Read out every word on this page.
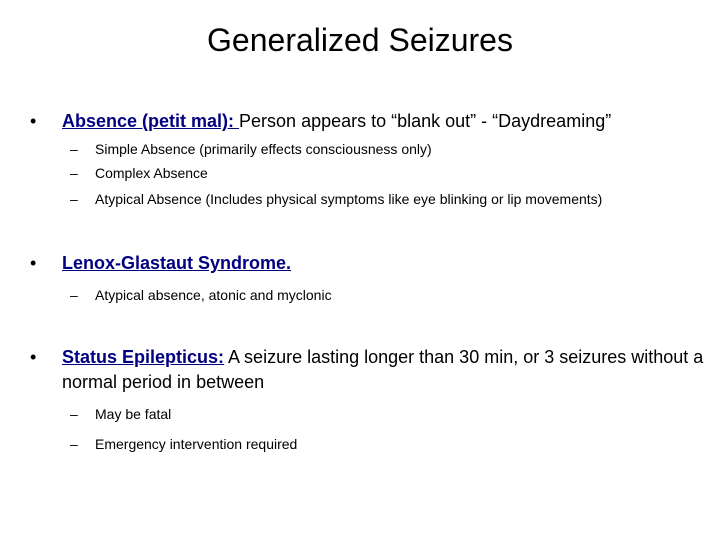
Generalized Seizures
•	Absence (petit mal): Person appears to “blank out” - “Daydreaming”
–	Simple Absence (primarily effects consciousness only)
–	Complex Absence
–	Atypical Absence (Includes physical symptoms like eye blinking or lip movements)
•	Lenox-Glastaut Syndrome.
–	Atypical absence, atonic and myclonic
•	Status Epilepticus: A seizure lasting longer than 30 min, or 3 seizures without a normal period in between
–	May be fatal
–	Emergency intervention required
